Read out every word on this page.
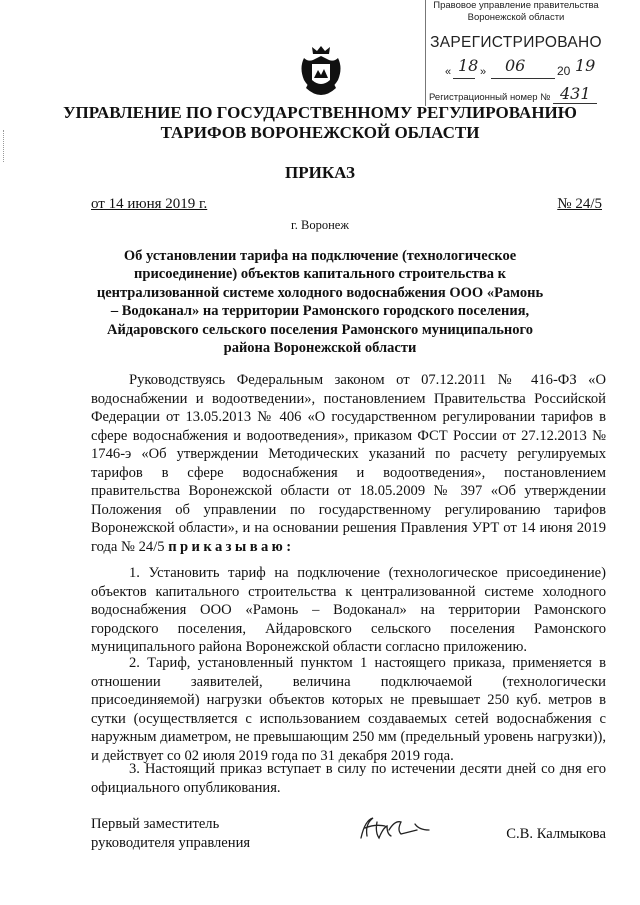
Правовое управление правительства
Воронежской области
ЗАРЕГИСТРИРОВАНО
« 18 » 06	20 19
Регистрационный номер № 431
УПРАВЛЕНИЕ ПО ГОСУДАРСТВЕННОМУ РЕГУЛИРОВАНИЮ
ТАРИФОВ ВОРОНЕЖСКОЙ ОБЛАСТИ
ПРИКАЗ
от 14 июня 2019 г.	№ 24/5
г. Воронеж
Об установлении тарифа на подключение (технологическое присоединение) объектов капитального строительства к централизованной системе холодного водоснабжения ООО «Рамонь – Водоканал» на территории Рамонского городского поселения, Айдаровского сельского поселения Рамонского муниципального района Воронежской области

Руководствуясь Федеральным законом от 07.12.2011 № 416-ФЗ «О водоснабжении и водоотведении», постановлением Правительства Российской Федерации от 13.05.2013 № 406 «О государственном регулировании тарифов в сфере водоснабжения и водоотведения», приказом ФСТ России от 27.12.2013 № 1746-э «Об утверждении Методических указаний по расчету регулируемых тарифов в сфере водоснабжения и водоотведения», постановлением правительства Воронежской области от 18.05.2009 № 397 «Об утверждении Положения об управлении по государственному регулированию тарифов Воронежской области», и на основании решения Правления УРТ от 14 июня 2019 года № 24/5 приказываю:

1. Установить тариф на подключение (технологическое присоединение) объектов капитального строительства к централизованной системе холодного водоснабжения ООО «Рамонь – Водоканал» на территории Рамонского городского поселения, Айдаровского сельского поселения Рамонского муниципального района Воронежской области согласно приложению.

2. Тариф, установленный пунктом 1 настоящего приказа, применяется в отношении заявителей, величина подключаемой (технологически присоединяемой) нагрузки объектов которых не превышает 250 куб. метров в сутки (осуществляется с использованием создаваемых сетей водоснабжения с наружным диаметром, не превышающим 250 мм (предельный уровень нагрузки)), и действует со 02 июля 2019 года по 31 декабря 2019 года.

3. Настоящий приказ вступает в силу по истечении десяти дней со дня его официального опубликования.

Первый заместитель
руководителя управления
С.В. Калмыкова
